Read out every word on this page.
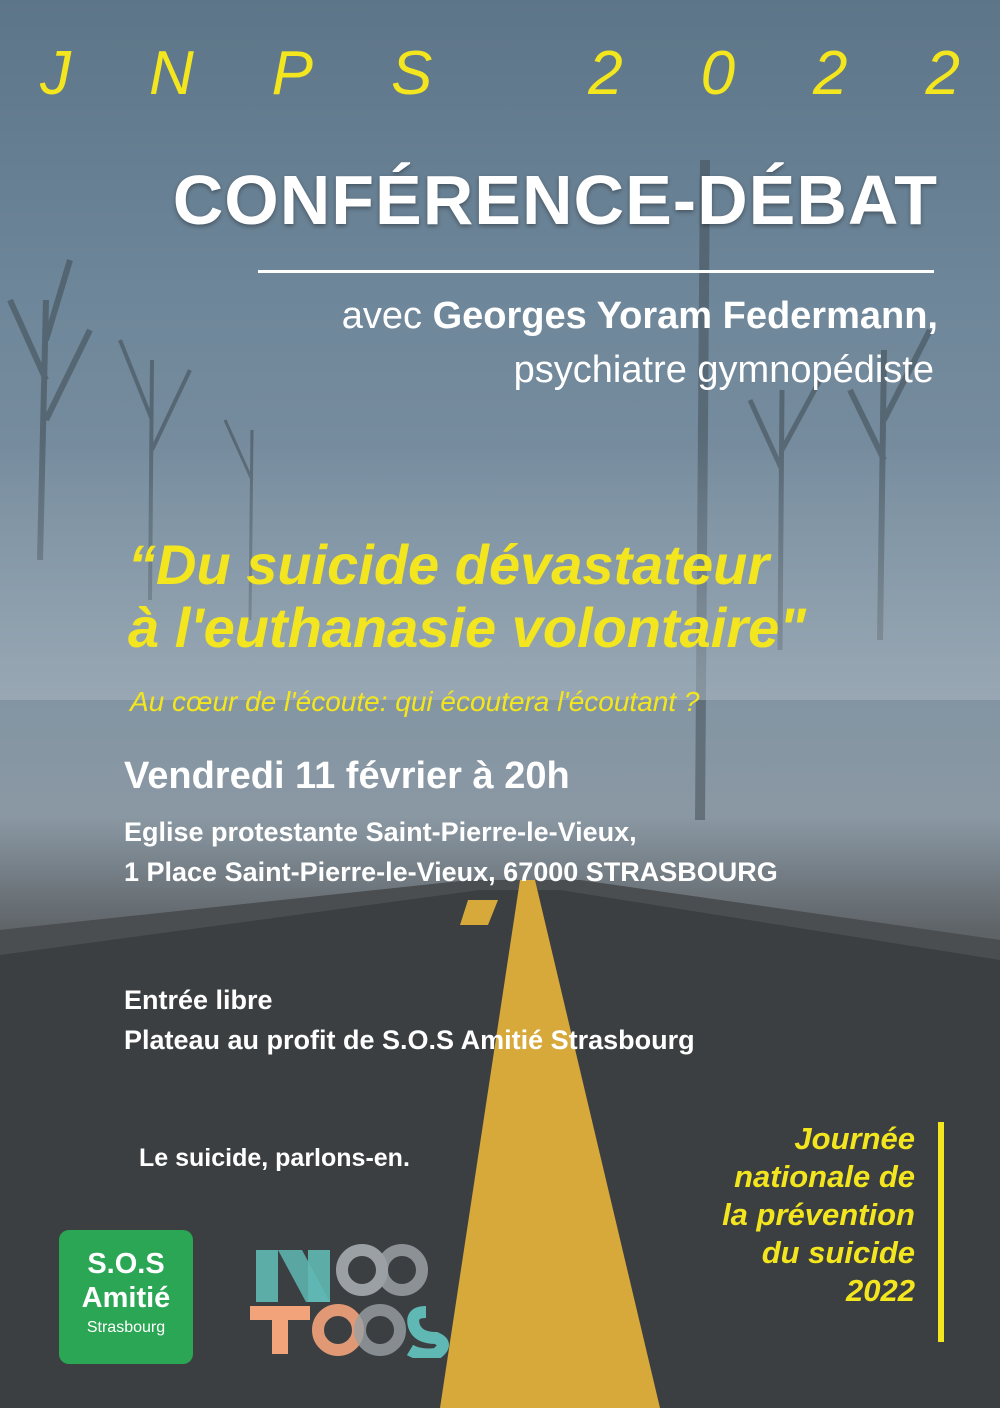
J N P S	2 0 2 2
CONFÉRENCE-DÉBAT
avec Georges Yoram Federmann,
psychiatre gymnopédiste
“Du suicide dévastateur
à l'euthanasie volontaire"
Au cœur de l'écoute: qui écoutera l'écoutant ?
Vendredi 11 février à 20h
Eglise protestante Saint-Pierre-le-Vieux,
1 Place Saint-Pierre-le-Vieux, 67000 STRASBOURG
Entrée libre
Plateau au profit de S.O.S Amitié Strasbourg
Le suicide, parlons-en.
Journée
nationale de
la prévention
du suicide
2022
S.O.S
Amitié
Strasbourg
